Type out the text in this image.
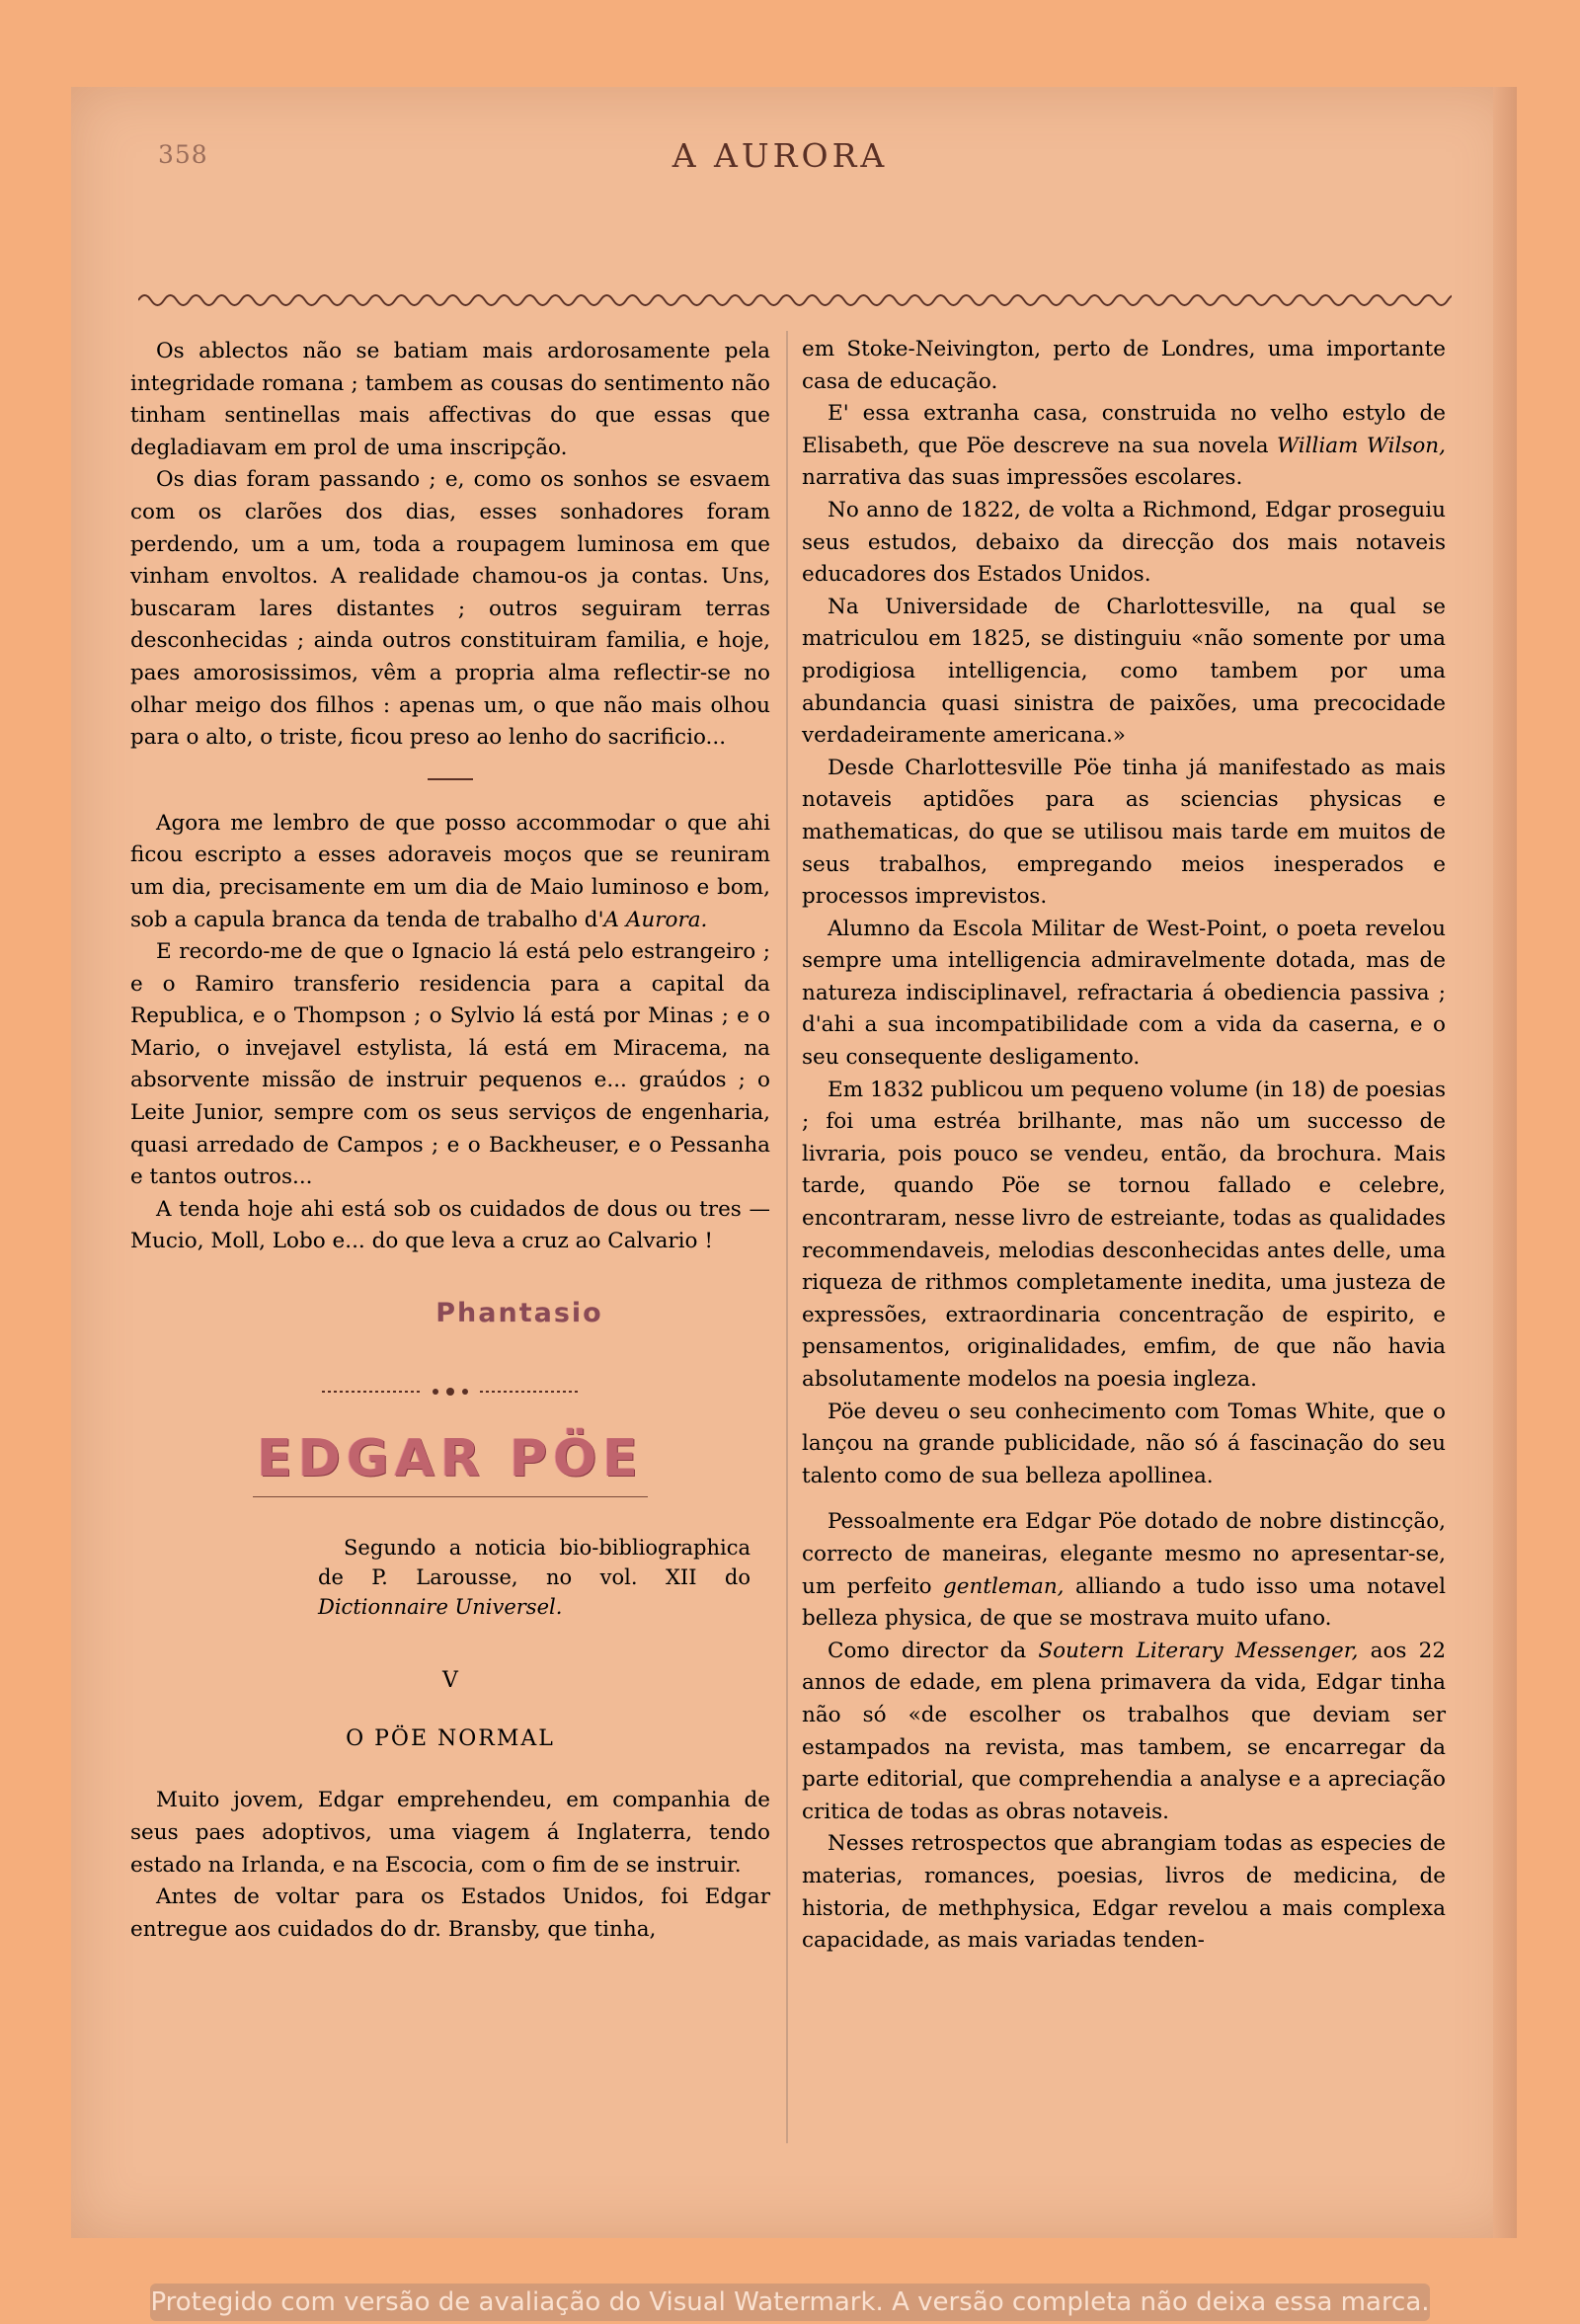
358	A AURORA

Os ablectos não se batiam mais ardorosamente pela integridade romana ; tambem as cousas do sentimento não tinham sentinellas mais affectivas do que essas que degladiavam em prol de uma inscripção.

Os dias foram passando ; e, como os sonhos se esvaem com os clarões dos dias, esses sonhadores foram perdendo, um a um, toda a roupagem luminosa em que vinham envoltos. A realidade chamou-os ja contas. Uns, buscaram lares distantes ; outros seguiram terras desconhecidas ; ainda outros constituiram familia, e hoje, paes amorosissimos, vêm a propria alma reflectir-se no olhar meigo dos filhos : apenas um, o que não mais olhou para o alto, o triste, ficou preso ao lenho do sacrificio...

Agora me lembro de que posso accommodar o que ahi ficou escripto a esses adoraveis moços que se reuniram um dia, precisamente em um dia de Maio luminoso e bom, sob a capula branca da tenda de trabalho d'A Aurora.

E recordo-me de que o Ignacio lá está pelo estrangeiro ; e o Ramiro transferio residencia para a capital da Republica, e o Thompson ; o Sylvio lá está por Minas ; e o Mario, o invejavel estylista, lá está em Miracema, na absorvente missão de instruir pequenos e... graúdos ; o Leite Junior, sempre com os seus serviços de engenharia, quasi arredado de Campos ; e o Backheuser, e o Pessanha e tantos outros...

A tenda hoje ahi está sob os cuidados de dous ou tres — Mucio, Moll, Lobo e... do que leva a cruz ao Calvario !

Phantasio
EDGAR PÖE

Segundo a noticia bio-bibliographica de P. Larousse, no vol. XII do Dictionnaire Universel.

V
O PÖE NORMAL

Muito jovem, Edgar emprehendeu, em companhia de seus paes adoptivos, uma viagem á Inglaterra, tendo estado na Irlanda, e na Escocia, com o fim de se instruir.

Antes de voltar para os Estados Unidos, foi Edgar entregue aos cuidados do dr. Bransby, que tinha,

em Stoke-Neivington, perto de Londres, uma importante casa de educação.

E' essa extranha casa, construida no velho estylo de Elisabeth, que Pöe descreve na sua novela William Wilson, narrativa das suas impressões escolares.

No anno de 1822, de volta a Richmond, Edgar proseguiu seus estudos, debaixo da direcção dos mais notaveis educadores dos Estados Unidos.

Na Universidade de Charlottesville, na qual se matriculou em 1825, se distinguiu «não somente por uma prodigiosa intelligencia, como tambem por uma abundancia quasi sinistra de paixões, uma precocidade verdadeiramente americana.»

Desde Charlottesville Pöe tinha já manifestado as mais notaveis aptidões para as sciencias physicas e mathematicas, do que se utilisou mais tarde em muitos de seus trabalhos, empregando meios inesperados e processos imprevistos.

Alumno da Escola Militar de West-Point, o poeta revelou sempre uma intelligencia admiravelmente dotada, mas de natureza indisciplinavel, refractaria á obediencia passiva ; d'ahi a sua incompatibilidade com a vida da caserna, e o seu consequente desligamento.

Em 1832 publicou um pequeno volume (in 18) de poesias ; foi uma estréa brilhante, mas não um successo de livraria, pois pouco se vendeu, então, da brochura. Mais tarde, quando Pöe se tornou fallado e celebre, encontraram, nesse livro de estreiante, todas as qualidades recommendaveis, melodias desconhecidas antes delle, uma riqueza de rithmos completamente inedita, uma justeza de expressões, extraordinaria concentração de espirito, e pensamentos, originalidades, emfim, de que não havia absolutamente modelos na poesia ingleza.

Pöe deveu o seu conhecimento com Tomas White, que o lançou na grande publicidade, não só á fascinação do seu talento como de sua belleza apollinea.

Pessoalmente era Edgar Pöe dotado de nobre distincção, correcto de maneiras, elegante mesmo no apresentar-se, um perfeito gentleman, alliando a tudo isso uma notavel belleza physica, de que se mostrava muito ufano.

Como director da Soutern Literary Messenger, aos 22 annos de edade, em plena primavera da vida, Edgar tinha não só «de escolher os trabalhos que deviam ser estampados na revista, mas tambem, se encarregar da parte editorial, que comprehendia a analyse e a apreciação critica de todas as obras notaveis.

Nesses retrospectos que abrangiam todas as especies de materias, romances, poesias, livros de medicina, de historia, de methphysica, Edgar revelou a mais complexa capacidade, as mais variadas tenden-

Protegido com versão de avaliação do Visual Watermark. A versão completa não deixa essa marca.
